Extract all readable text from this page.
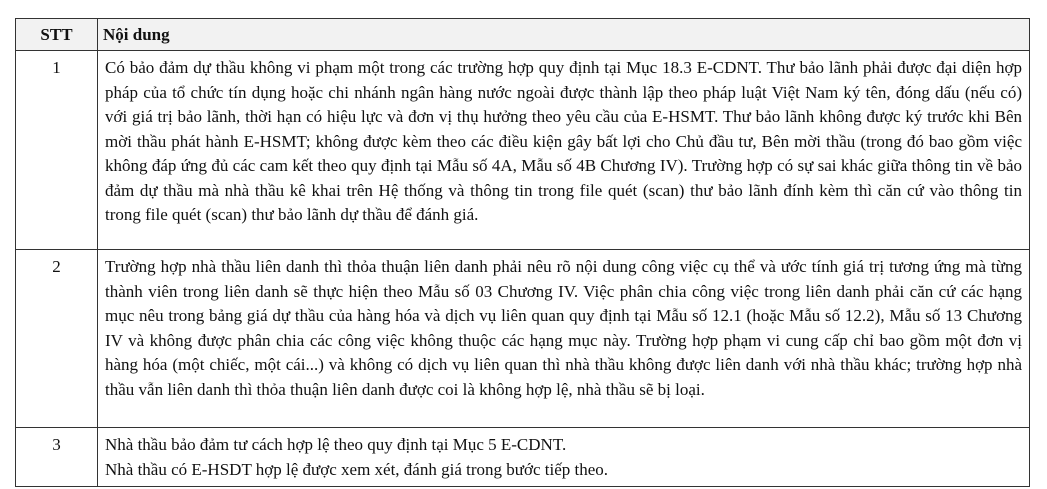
STT	Nội dung
1	Có bảo đảm dự thầu không vi phạm một trong các trường hợp quy định tại Mục 18.3 E-CDNT. Thư bảo lãnh phải được đại diện hợp pháp của tổ chức tín dụng hoặc chi nhánh ngân hàng nước ngoài được thành lập theo pháp luật Việt Nam ký tên, đóng dấu (nếu có) với giá trị bảo lãnh, thời hạn có hiệu lực và đơn vị thụ hưởng theo yêu cầu của E-HSMT. Thư bảo lãnh không được ký trước khi Bên mời thầu phát hành E-HSMT; không được kèm theo các điều kiện gây bất lợi cho Chủ đầu tư, Bên mời thầu (trong đó bao gồm việc không đáp ứng đủ các cam kết theo quy định tại Mẫu số 4A, Mẫu số 4B Chương IV). Trường hợp có sự sai khác giữa thông tin về bảo đảm dự thầu mà nhà thầu kê khai trên Hệ thống và thông tin trong file quét (scan) thư bảo lãnh đính kèm thì căn cứ vào thông tin trong file quét (scan) thư bảo lãnh dự thầu để đánh giá.
2	Trường hợp nhà thầu liên danh thì thỏa thuận liên danh phải nêu rõ nội dung công việc cụ thể và ước tính giá trị tương ứng mà từng thành viên trong liên danh sẽ thực hiện theo Mẫu số 03 Chương IV. Việc phân chia công việc trong liên danh phải căn cứ các hạng mục nêu trong bảng giá dự thầu của hàng hóa và dịch vụ liên quan quy định tại Mẫu số 12.1 (hoặc Mẫu số 12.2), Mẫu số 13 Chương IV và không được phân chia các công việc không thuộc các hạng mục này. Trường hợp phạm vi cung cấp chỉ bao gồm một đơn vị hàng hóa (một chiếc, một cái...) và không có dịch vụ liên quan thì nhà thầu không được liên danh với nhà thầu khác; trường hợp nhà thầu vẫn liên danh thì thỏa thuận liên danh được coi là không hợp lệ, nhà thầu sẽ bị loại.
3	Nhà thầu bảo đảm tư cách hợp lệ theo quy định tại Mục 5 E-CDNT.
Nhà thầu có E-HSDT hợp lệ được xem xét, đánh giá trong bước tiếp theo.
